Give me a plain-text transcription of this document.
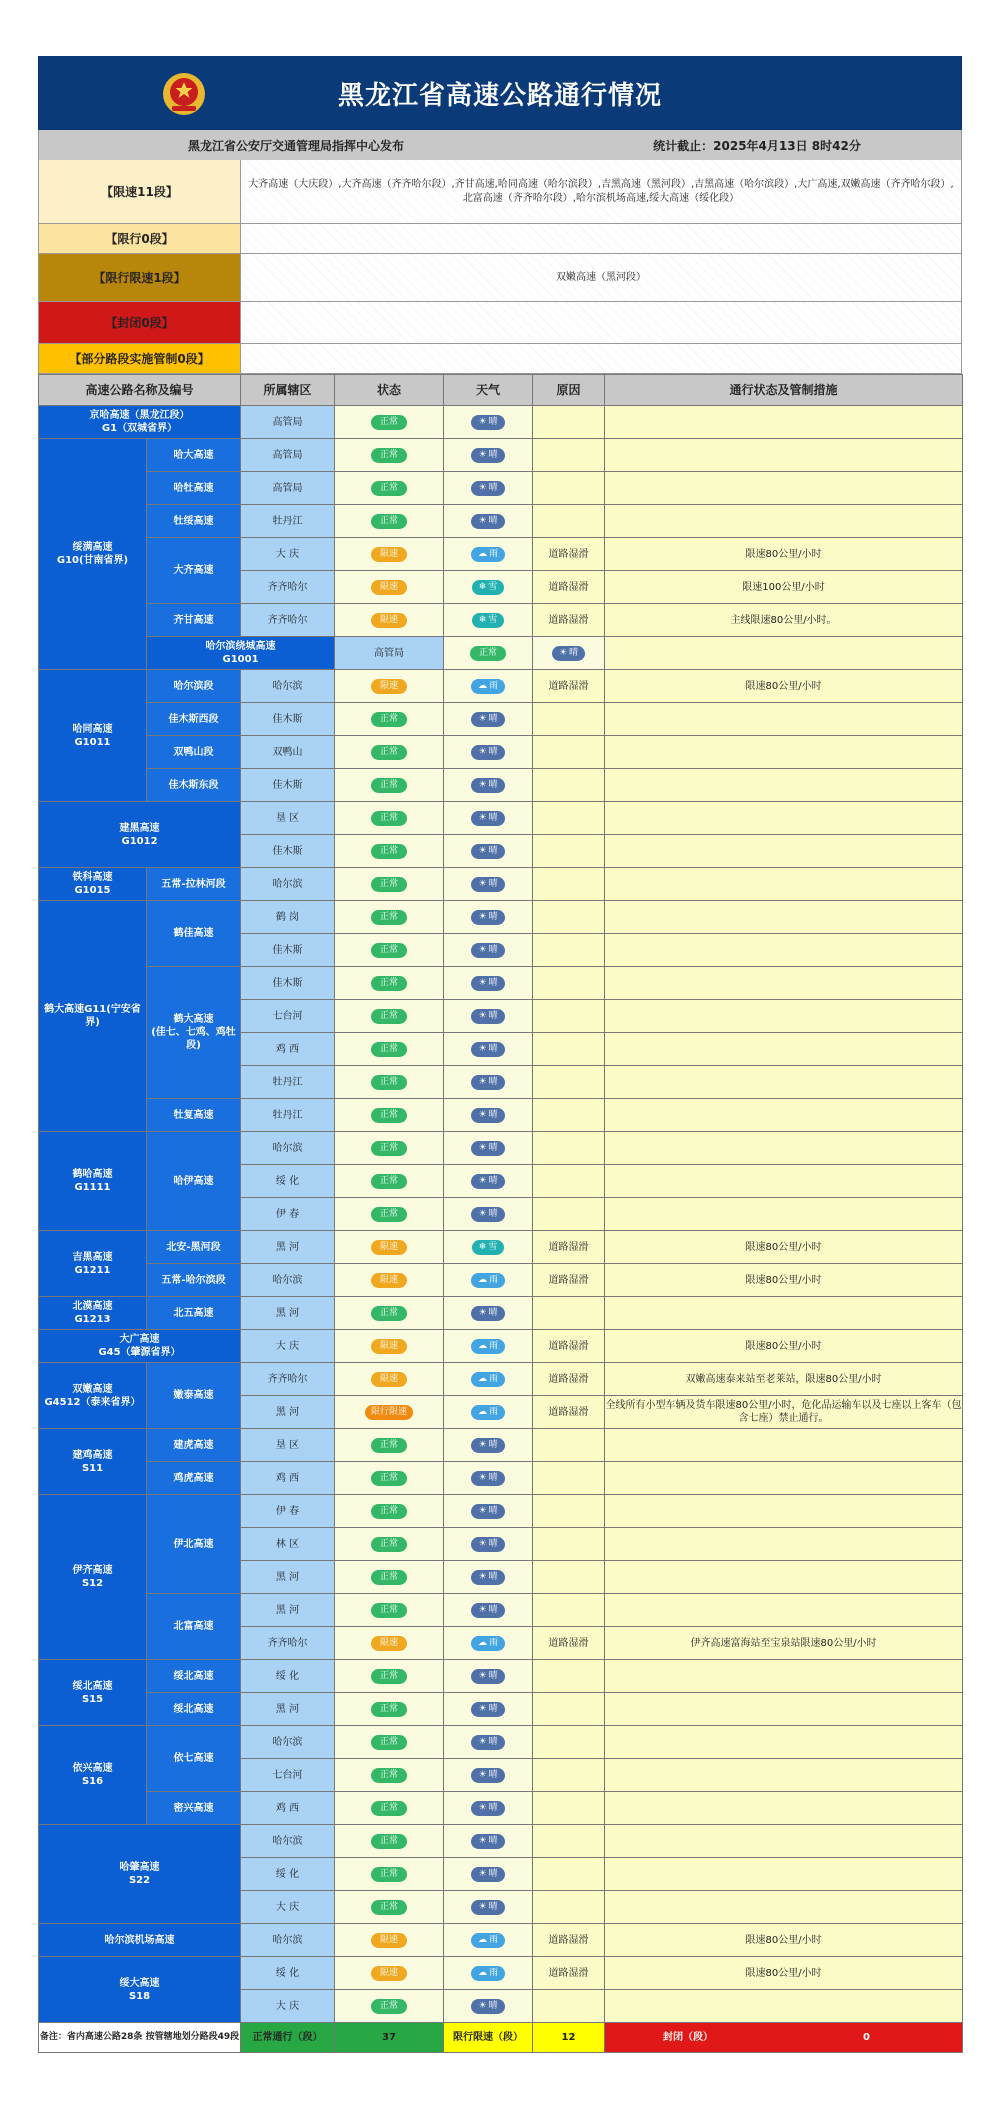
黑龙江省高速公路通行情况
黑龙江省公安厅交通管理局指挥中心发布	统计截止：2025年4月13日 8时42分
【限速11段】
大齐高速（大庆段）,大齐高速（齐齐哈尔段）,齐甘高速,哈同高速（哈尔滨段）,吉黑高速（黑河段）,吉黑高速（哈尔滨段）,大广高速,双嫩高速（齐齐哈尔段）,北富高速（齐齐哈尔段）,哈尔滨机场高速,绥大高速（绥化段）
【限行0段】
【限行限速1段】	双嫩高速（黑河段）
【封闭0段】
【部分路段实施管制0段】
高速公路名称及编号		所属辖区	状态	天气	原因	通行状态及管制措施	
京哈高速（黑龙江段）
G1（双城省界）		高管局	正常	☀ 晴			
绥满高速
G10(甘南省界)	哈大高速	高管局	正常	☀ 晴			
	哈牡高速	高管局	正常	☀ 晴			
	牡绥高速	牡丹江	正常	☀ 晴			
	大齐高速	大 庆	限速	☁ 雨	道路湿滑	限速80公里/小时	
		齐齐哈尔	限速	❄ 雪	道路湿滑	限速100公里/小时	
	齐甘高速	齐齐哈尔	限速	❄ 雪	道路湿滑	主线限速80公里/小时。	
	哈尔滨绕城高速
G1001		高管局	正常	☀ 晴		
哈同高速
G1011	哈尔滨段	哈尔滨	限速	☁ 雨	道路湿滑	限速80公里/小时	
	佳木斯西段	佳木斯	正常	☀ 晴			
	双鸭山段	双鸭山	正常	☀ 晴			
	佳木斯东段	佳木斯	正常	☀ 晴			
建黑高速
G1012		垦 区	正常	☀ 晴			
		佳木斯	正常	☀ 晴			
铁科高速
G1015	五常-拉林河段	哈尔滨	正常	☀ 晴			
鹤大高速G11(宁安省界)	鹤佳高速	鹤 岗	正常	☀ 晴			
		佳木斯	正常	☀ 晴			
	鹤大高速
(佳七、七鸡、鸡牡段)	佳木斯	正常	☀ 晴			
		七台河	正常	☀ 晴			
		鸡 西	正常	☀ 晴			
		牡丹江	正常	☀ 晴			
	牡复高速	牡丹江	正常	☀ 晴			
鹤哈高速
G1111	哈伊高速	哈尔滨	正常	☀ 晴			
		绥 化	正常	☀ 晴			
		伊 春	正常	☀ 晴			
吉黑高速
G1211	北安-黑河段	黑 河	限速	❄ 雪	道路湿滑	限速80公里/小时	
	五常-哈尔滨段	哈尔滨	限速	☁ 雨	道路湿滑	限速80公里/小时	
北漠高速
G1213	北五高速	黑 河	正常	☀ 晴			
大广高速
G45（肇源省界）		大 庆	限速	☁ 雨	道路湿滑	限速80公里/小时	
双嫩高速
G4512（泰来省界）	嫩泰高速	齐齐哈尔	限速	☁ 雨	道路湿滑	双嫩高速泰来站至老莱站，限速80公里/小时	
		黑 河	限行限速	☁ 雨	道路湿滑	全线所有小型车辆及货车限速80公里/小时，危化品运输车以及七座以上客车（包含七座）禁止通行。	
建鸡高速
S11	建虎高速	垦 区	正常	☀ 晴			
	鸡虎高速	鸡 西	正常	☀ 晴			
伊齐高速
S12	伊北高速	伊 春	正常	☀ 晴			
		林 区	正常	☀ 晴			
		黑 河	正常	☀ 晴			
	北富高速	黑 河	正常	☀ 晴			
		齐齐哈尔	限速	☁ 雨	道路湿滑	伊齐高速富海站至宝泉站限速80公里/小时	
绥北高速
S15	绥北高速	绥 化	正常	☀ 晴			
	绥北高速	黑 河	正常	☀ 晴			
依兴高速
S16	依七高速	哈尔滨	正常	☀ 晴			
		七台河	正常	☀ 晴			
	密兴高速	鸡 西	正常	☀ 晴			
哈肇高速
S22		哈尔滨	正常	☀ 晴			
		绥 化	正常	☀ 晴			
		大 庆	正常	☀ 晴			
哈尔滨机场高速		哈尔滨	限速	☁ 雨	道路湿滑	限速80公里/小时	
绥大高速
S18		绥 化	限速	☁ 雨	道路湿滑	限速80公里/小时	
		大 庆	正常	☀ 晴			
备注：省内高速公路28条 按管辖地划分路段49段		正常通行（段）	37	限行限速（段）	12	封闭（段） 0	
